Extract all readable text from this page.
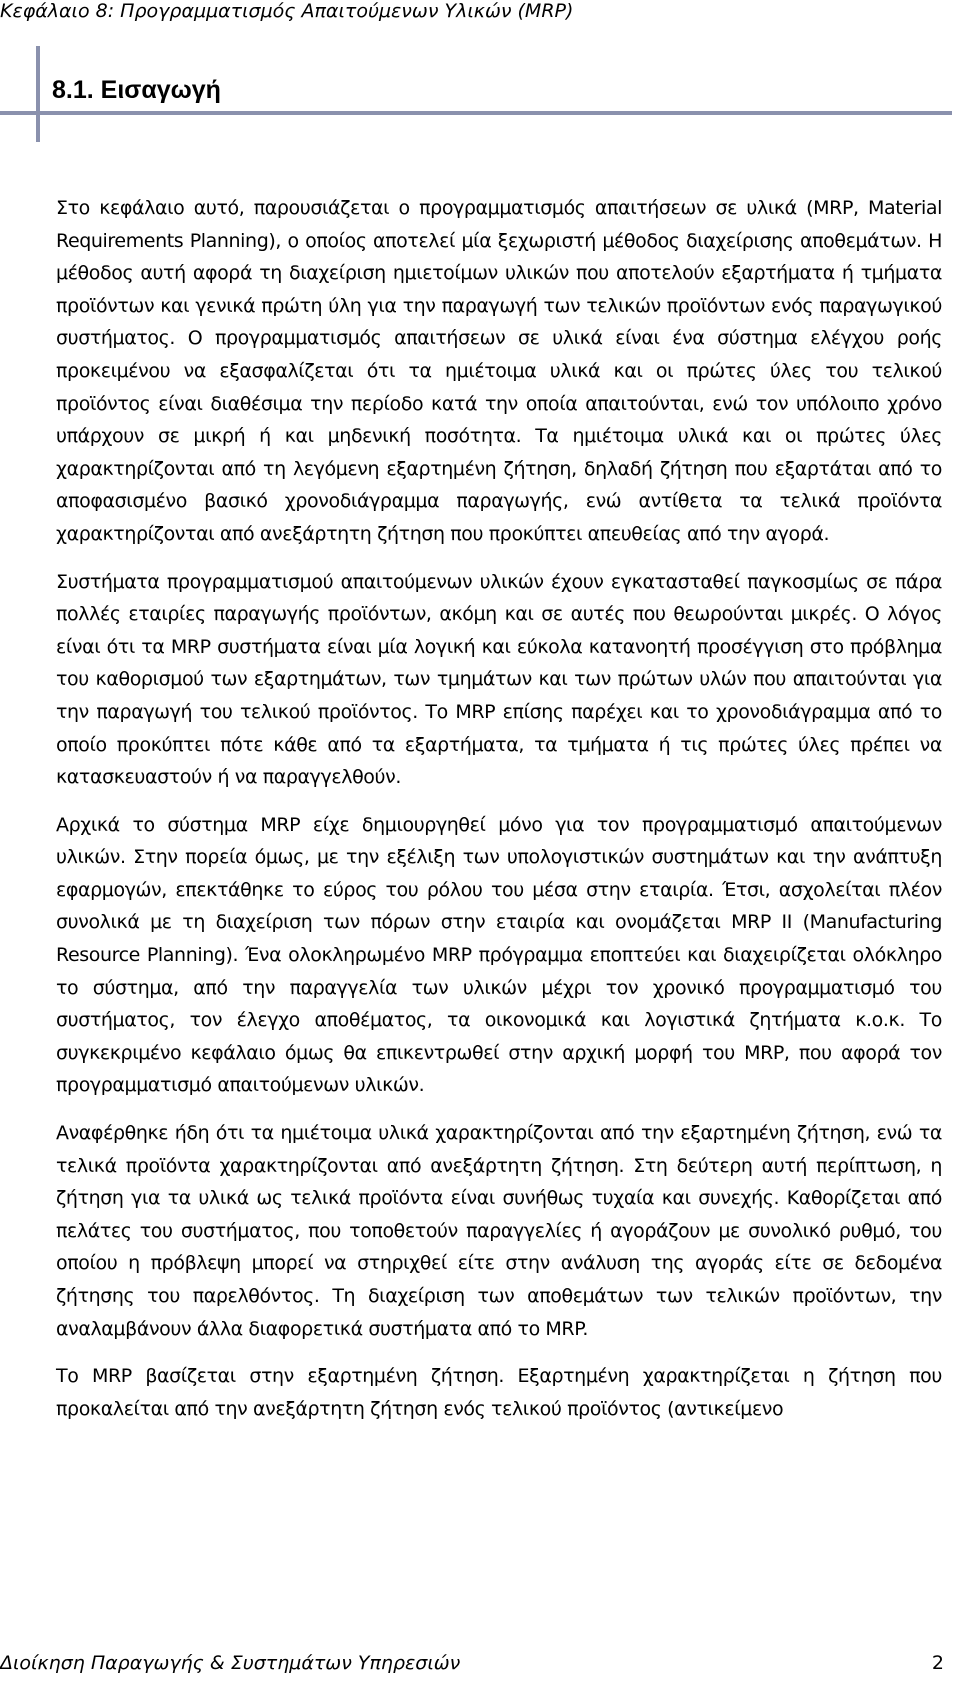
Κεφάλαιο 8: Προγραμματισμός Απαιτούμενων Υλικών (MRP)
8.1. Εισαγωγή

Στο κεφάλαιο αυτό, παρουσιάζεται ο προγραμματισμός απαιτήσεων σε υλικά (MRP, Material Requirements Planning), ο οποίος αποτελεί μία ξεχωριστή μέθοδος διαχείρισης αποθεμάτων. Η μέθοδος αυτή αφορά τη διαχείριση ημιετοίμων υλικών που αποτελούν εξαρτήματα ή τμήματα προϊόντων και γενικά πρώτη ύλη για την παραγωγή των τελικών προϊόντων ενός παραγωγικού συστήματος. Ο προγραμματισμός απαιτήσεων σε υλικά είναι ένα σύστημα ελέγχου ροής προκειμένου να εξασφαλίζεται ότι τα ημιέτοιμα υλικά και οι πρώτες ύλες του τελικού προϊόντος είναι διαθέσιμα την περίοδο κατά την οποία απαιτούνται, ενώ τον υπόλοιπο χρόνο υπάρχουν σε μικρή ή και μηδενική ποσότητα. Τα ημιέτοιμα υλικά και οι πρώτες ύλες χαρακτηρίζονται από τη λεγόμενη εξαρτημένη ζήτηση, δηλαδή ζήτηση που εξαρτάται από το αποφασισμένο βασικό χρονοδιάγραμμα παραγωγής, ενώ αντίθετα τα τελικά προϊόντα χαρακτηρίζονται από ανεξάρτητη ζήτηση που προκύπτει απευθείας από την αγορά.

Συστήματα προγραμματισμού απαιτούμενων υλικών έχουν εγκατασταθεί παγκοσμίως σε πάρα πολλές εταιρίες παραγωγής προϊόντων, ακόμη και σε αυτές που θεωρούνται μικρές. Ο λόγος είναι ότι τα MRP συστήματα είναι μία λογική και εύκολα κατανοητή προσέγγιση στο πρόβλημα του καθορισμού των εξαρτημάτων, των τμημάτων και των πρώτων υλών που απαιτούνται για την παραγωγή του τελικού προϊόντος. Το MRP επίσης παρέχει και το χρονοδιάγραμμα από το οποίο προκύπτει πότε κάθε από τα εξαρτήματα, τα τμήματα ή τις πρώτες ύλες πρέπει να κατασκευαστούν ή να παραγγελθούν.

Αρχικά το σύστημα MRP είχε δημιουργηθεί μόνο για τον προγραμματισμό απαιτούμενων υλικών. Στην πορεία όμως, με την εξέλιξη των υπολογιστικών συστημάτων και την ανάπτυξη εφαρμογών, επεκτάθηκε το εύρος του ρόλου του μέσα στην εταιρία. Έτσι, ασχολείται πλέον συνολικά με τη διαχείριση των πόρων στην εταιρία και ονομάζεται MRP II (Manufacturing Resource Planning). Ένα ολοκληρωμένο MRP πρόγραμμα εποπτεύει και διαχειρίζεται ολόκληρο το σύστημα, από την παραγγελία των υλικών μέχρι τον χρονικό προγραμματισμό του συστήματος, τον έλεγχο αποθέματος, τα οικονομικά και λογιστικά ζητήματα κ.ο.κ. Το συγκεκριμένο κεφάλαιο όμως θα επικεντρωθεί στην αρχική μορφή του MRP, που αφορά τον προγραμματισμό απαιτούμενων υλικών.

Αναφέρθηκε ήδη ότι τα ημιέτοιμα υλικά χαρακτηρίζονται από την εξαρτημένη ζήτηση, ενώ τα τελικά προϊόντα χαρακτηρίζονται από ανεξάρτητη ζήτηση. Στη δεύτερη αυτή περίπτωση, η ζήτηση για τα υλικά ως τελικά προϊόντα είναι συνήθως τυχαία και συνεχής. Καθορίζεται από πελάτες του συστήματος, που τοποθετούν παραγγελίες ή αγοράζουν με συνολικό ρυθμό, του οποίου η πρόβλεψη μπορεί να στηριχθεί είτε στην ανάλυση της αγοράς είτε σε δεδομένα ζήτησης του παρελθόντος. Τη διαχείριση των αποθεμάτων των τελικών προϊόντων, την αναλαμβάνουν άλλα διαφορετικά συστήματα από το MRP.

Το MRP βασίζεται στην εξαρτημένη ζήτηση. Εξαρτημένη χαρακτηρίζεται η ζήτηση που προκαλείται από την ανεξάρτητη ζήτηση ενός τελικού προϊόντος (αντικείμενο

Διοίκηση Παραγωγής & Συστημάτων Υπηρεσιών	2
